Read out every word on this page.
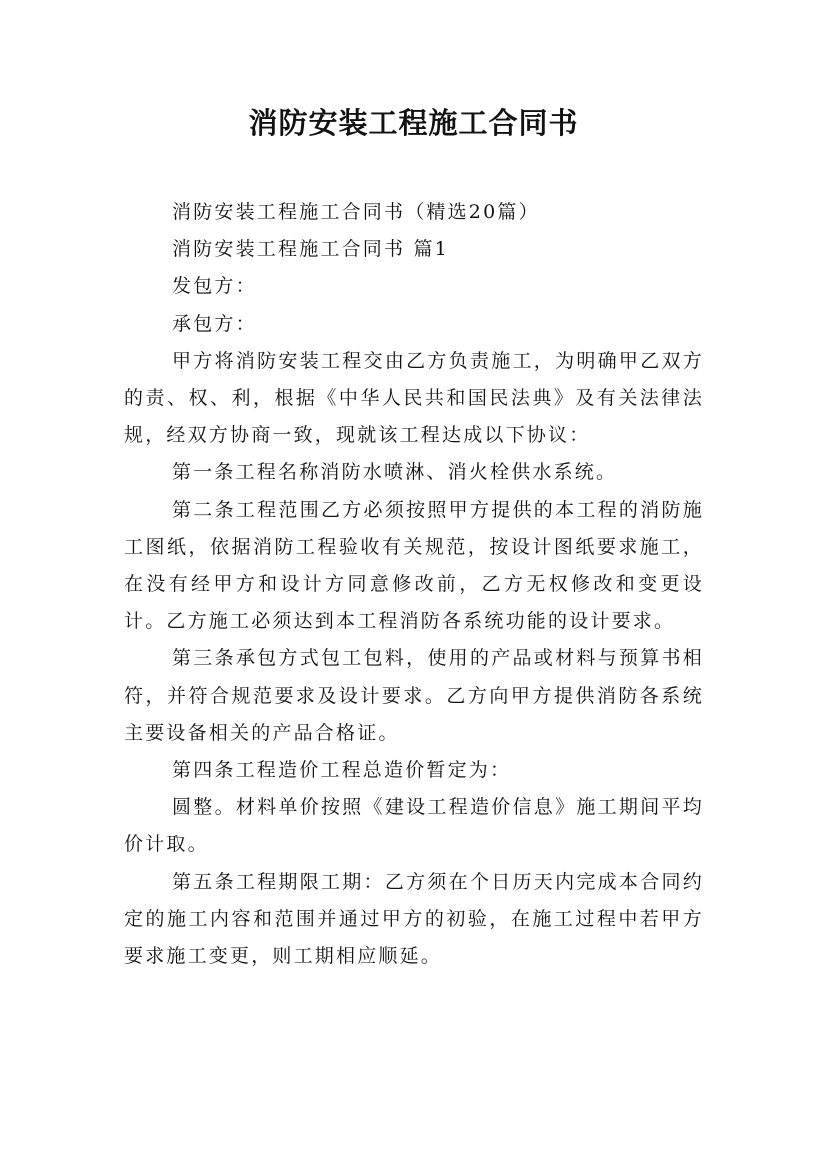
消防安装工程施工合同书

消防安装工程施工合同书（精选20篇）

消防安装工程施工合同书 篇1

发包方：

承包方：

甲方将消防安装工程交由乙方负责施工，为明确甲乙双方的责、权、利，根据《中华人民共和国民法典》及有关法律法规，经双方协商一致，现就该工程达成以下协议：

第一条工程名称消防水喷淋、消火栓供水系统。

第二条工程范围乙方必须按照甲方提供的本工程的消防施工图纸，依据消防工程验收有关规范，按设计图纸要求施工，在没有经甲方和设计方同意修改前，乙方无权修改和变更设计。乙方施工必须达到本工程消防各系统功能的设计要求。

第三条承包方式包工包料，使用的产品或材料与预算书相符，并符合规范要求及设计要求。乙方向甲方提供消防各系统主要设备相关的产品合格证。

第四条工程造价工程总造价暂定为：

圆整。材料单价按照《建设工程造价信息》施工期间平均价计取。

第五条工程期限工期：乙方须在个日历天内完成本合同约定的施工内容和范围并通过甲方的初验，在施工过程中若甲方要求施工变更，则工期相应顺延。
